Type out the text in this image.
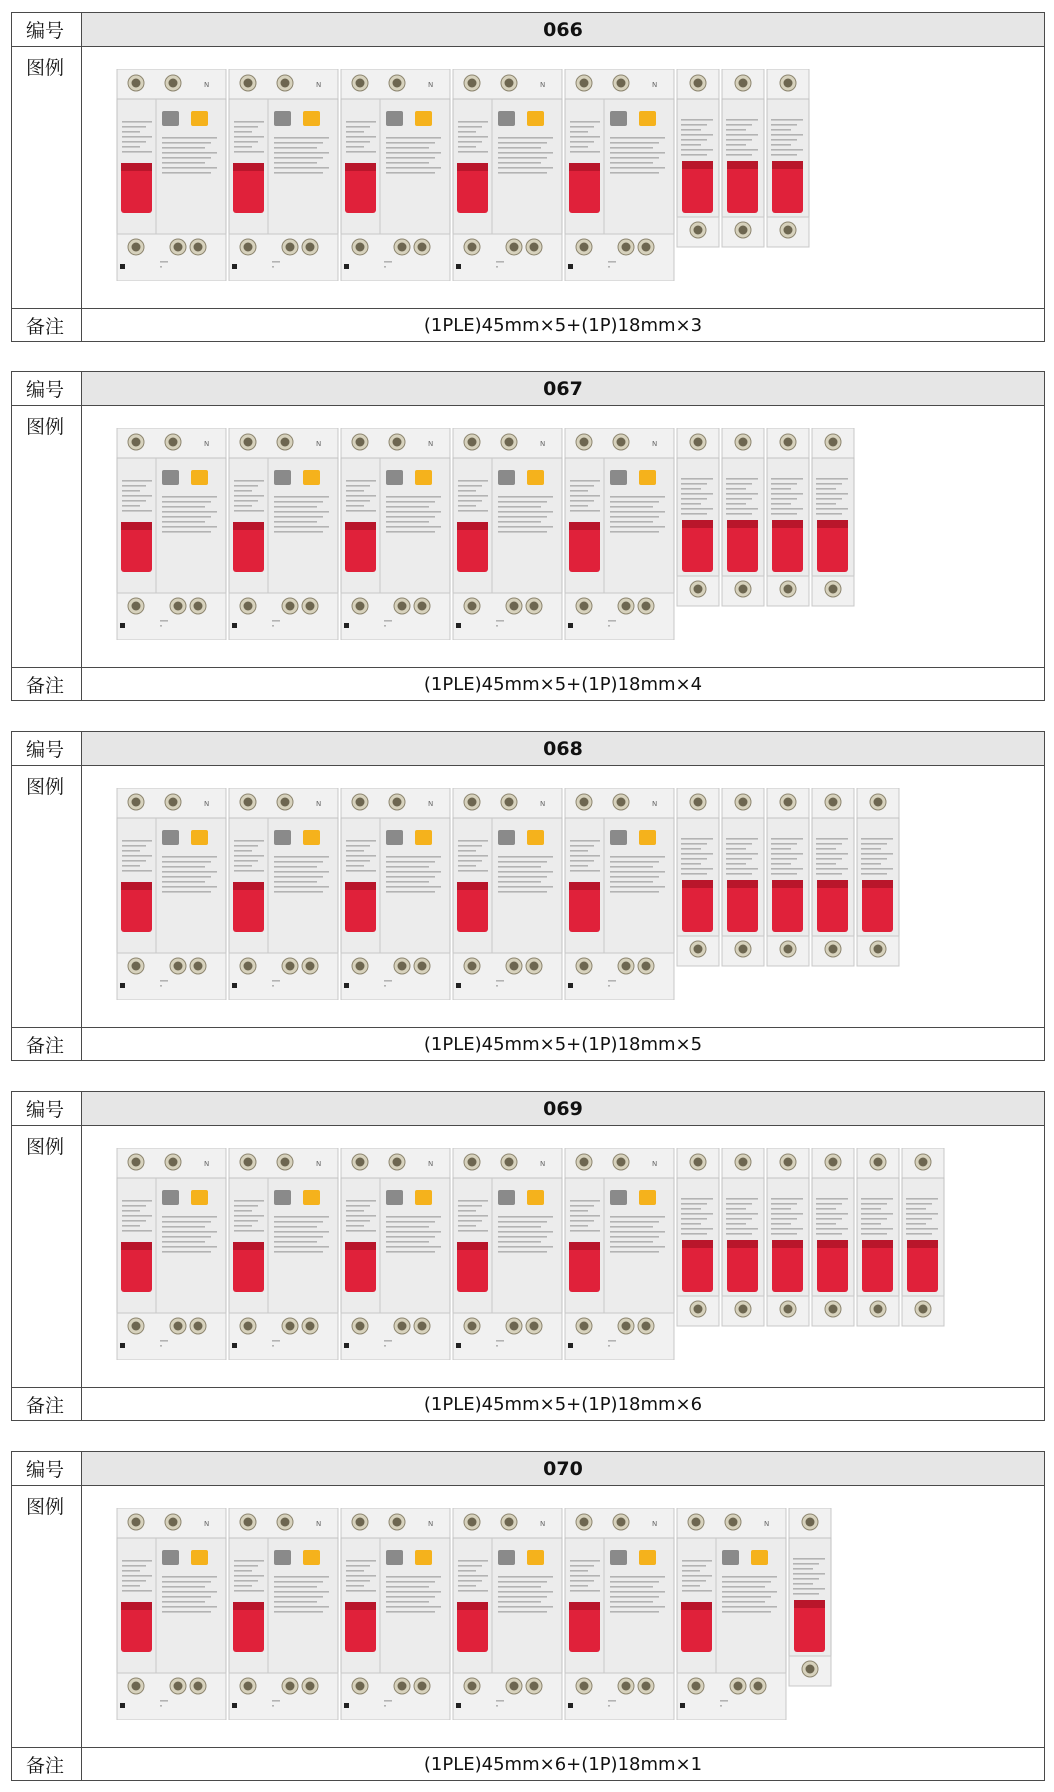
编号	066
图例
N	N	N	N	N
备注	(1PLE)45mm×5+(1P)18mm×3
编号	067
图例
N	N	N	N	N
备注	(1PLE)45mm×5+(1P)18mm×4
编号	068
图例
N	N	N	N	N
备注	(1PLE)45mm×5+(1P)18mm×5
编号	069
图例
N	N	N	N	N
备注	(1PLE)45mm×5+(1P)18mm×6
编号	070
图例
N	N	N	N	N	N
备注	(1PLE)45mm×6+(1P)18mm×1
